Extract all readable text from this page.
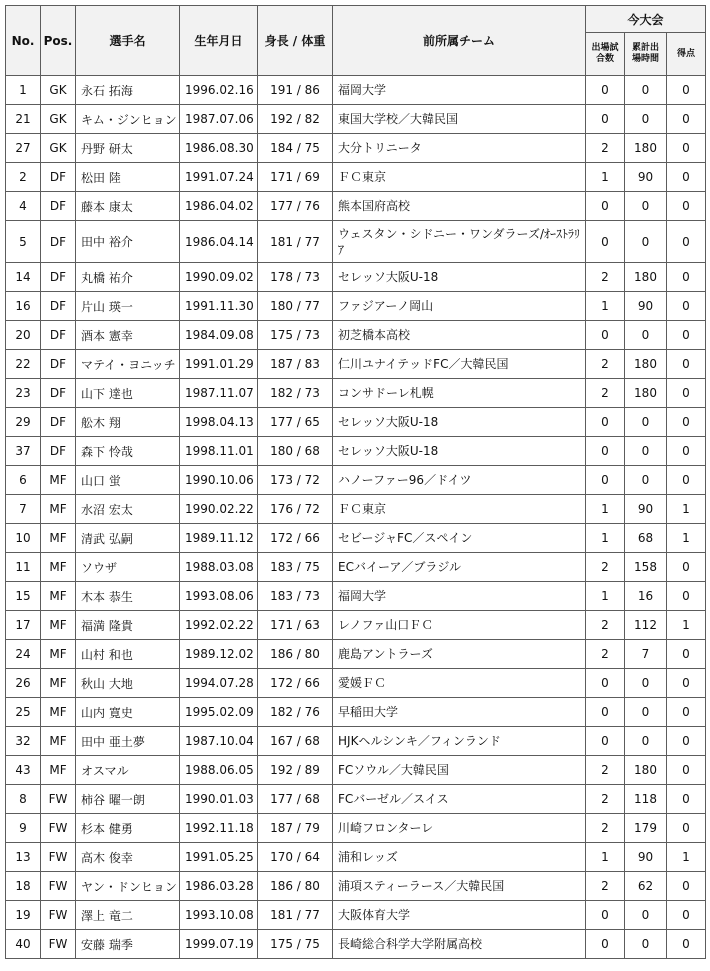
No.	Pos.	選手名	生年月日	身長 / 体重	前所属チーム	今大会		
						出場試合数	累計出場時間	得点
1	GK	永石 拓海	1996.02.16	191 / 86	福岡大学	0	0	0
21	GK	キム・ジンヒョン	1987.07.06	192 / 82	東国大学校／大韓民国	0	0	0
27	GK	丹野 研太	1986.08.30	184 / 75	大分トリニータ	2	180	0
2	DF	松田 陸	1991.07.24	171 / 69	ＦＣ東京	1	90	0
4	DF	藤本 康太	1986.04.02	177 / 76	熊本国府高校	0	0	0
5	DF	田中 裕介	1986.04.14	181 / 77	ウェスタン・シドニー・ワンダラーズ/ｵｰｽﾄﾗﾘｱ	0	0	0
14	DF	丸橋 祐介	1990.09.02	178 / 73	セレッソ大阪U-18	2	180	0
16	DF	片山 瑛一	1991.11.30	180 / 77	ファジアーノ岡山	1	90	0
20	DF	酒本 憲幸	1984.09.08	175 / 73	初芝橋本高校	0	0	0
22	DF	マテイ・ヨニッチ	1991.01.29	187 / 83	仁川ユナイテッドFC／大韓民国	2	180	0
23	DF	山下 達也	1987.11.07	182 / 73	コンサドーレ札幌	2	180	0
29	DF	舩木 翔	1998.04.13	177 / 65	セレッソ大阪U-18	0	0	0
37	DF	森下 怜哉	1998.11.01	180 / 68	セレッソ大阪U-18	0	0	0
6	MF	山口 蛍	1990.10.06	173 / 72	ハノーファー96／ドイツ	0	0	0
7	MF	水沼 宏太	1990.02.22	176 / 72	ＦＣ東京	1	90	1
10	MF	清武 弘嗣	1989.11.12	172 / 66	セビージャFC／スペイン	1	68	1
11	MF	ソウザ	1988.03.08	183 / 75	ECバイーア／ブラジル	2	158	0
15	MF	木本 恭生	1993.08.06	183 / 73	福岡大学	1	16	0
17	MF	福満 隆貴	1992.02.22	171 / 63	レノファ山口ＦＣ	2	112	1
24	MF	山村 和也	1989.12.02	186 / 80	鹿島アントラーズ	2	7	0
26	MF	秋山 大地	1994.07.28	172 / 66	愛媛ＦＣ	0	0	0
25	MF	山内 寛史	1995.02.09	182 / 76	早稲田大学	0	0	0
32	MF	田中 亜土夢	1987.10.04	167 / 68	HJKヘルシンキ／フィンランド	0	0	0
43	MF	オスマル	1988.06.05	192 / 89	FCソウル／大韓民国	2	180	0
8	FW	柿谷 曜一朗	1990.01.03	177 / 68	FCバーゼル／スイス	2	118	0
9	FW	杉本 健勇	1992.11.18	187 / 79	川崎フロンターレ	2	179	0
13	FW	高木 俊幸	1991.05.25	170 / 64	浦和レッズ	1	90	1
18	FW	ヤン・ドンヒョン	1986.03.28	186 / 80	浦項スティーラース／大韓民国	2	62	0
19	FW	澤上 竜二	1993.10.08	181 / 77	大阪体育大学	0	0	0
40	FW	安藤 瑞季	1999.07.19	175 / 75	長崎総合科学大学附属高校	0	0	0
